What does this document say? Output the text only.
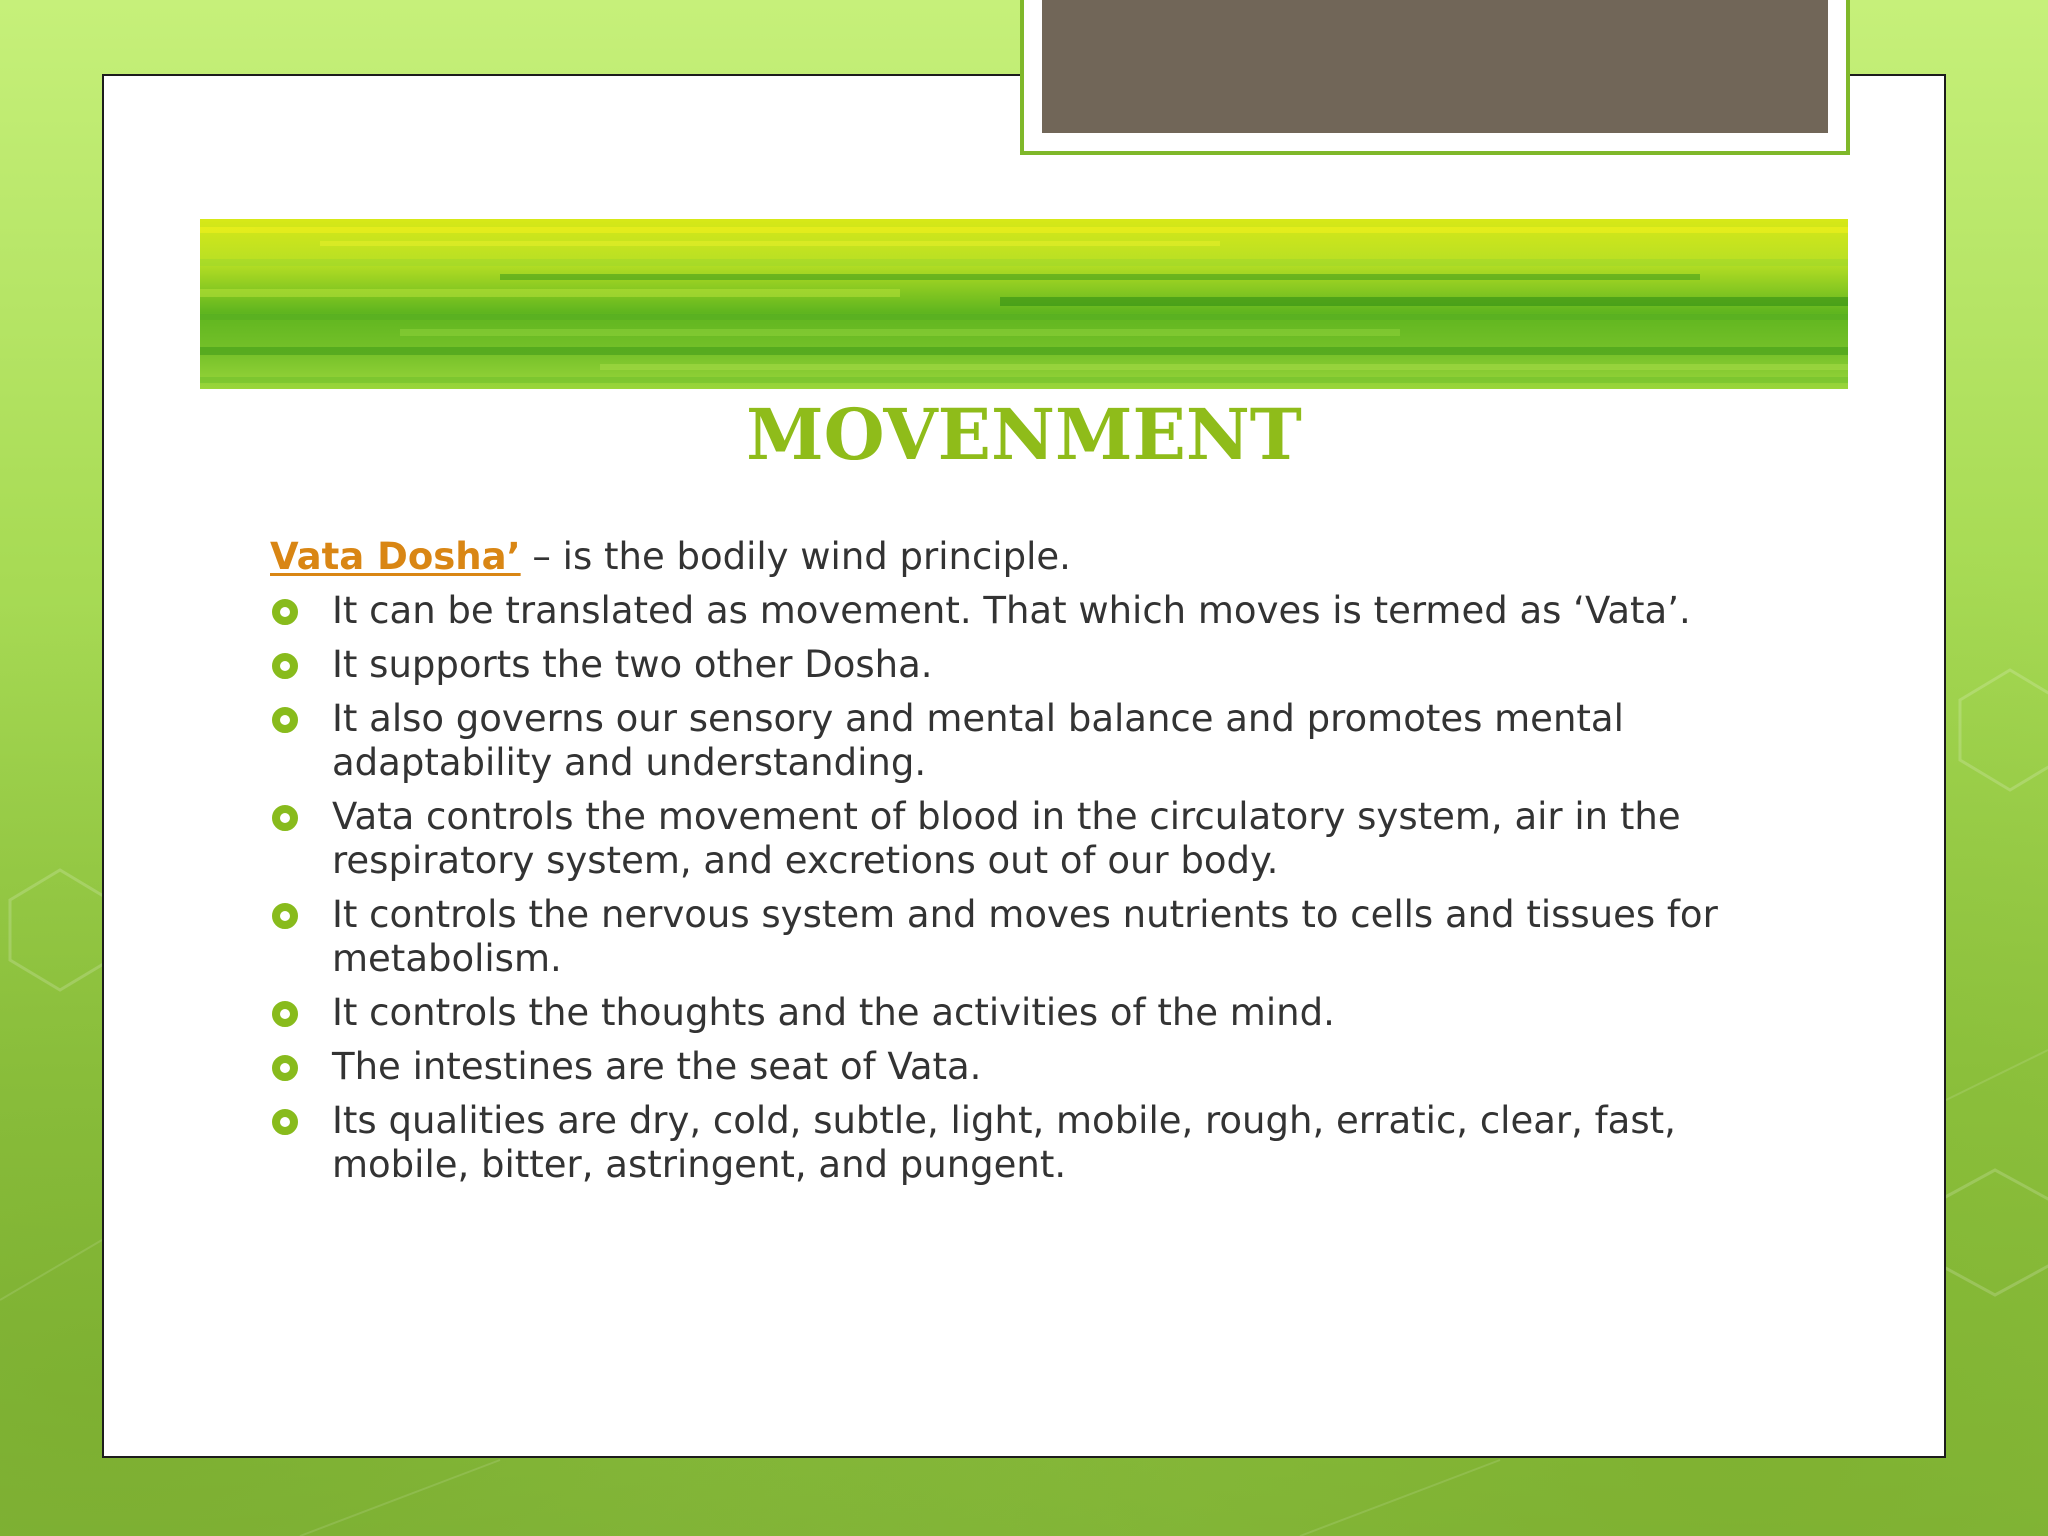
MOVENMENT

Vata Dosha’ – is the bodily wind principle.

It can be translated as movement. That which moves is termed as ‘Vata’.
It supports the two other Dosha.
It also governs our sensory and mental balance and promotes mental adaptability and understanding.
Vata controls the movement of blood in the circulatory system, air in the respiratory system, and excretions out of our body.
It controls the nervous system and moves nutrients to cells and tissues for metabolism.
It controls the thoughts and the activities of the mind.
The intestines are the seat of Vata.
Its qualities are dry, cold, subtle, light, mobile, rough, erratic, clear, fast, mobile, bitter, astringent, and pungent.
